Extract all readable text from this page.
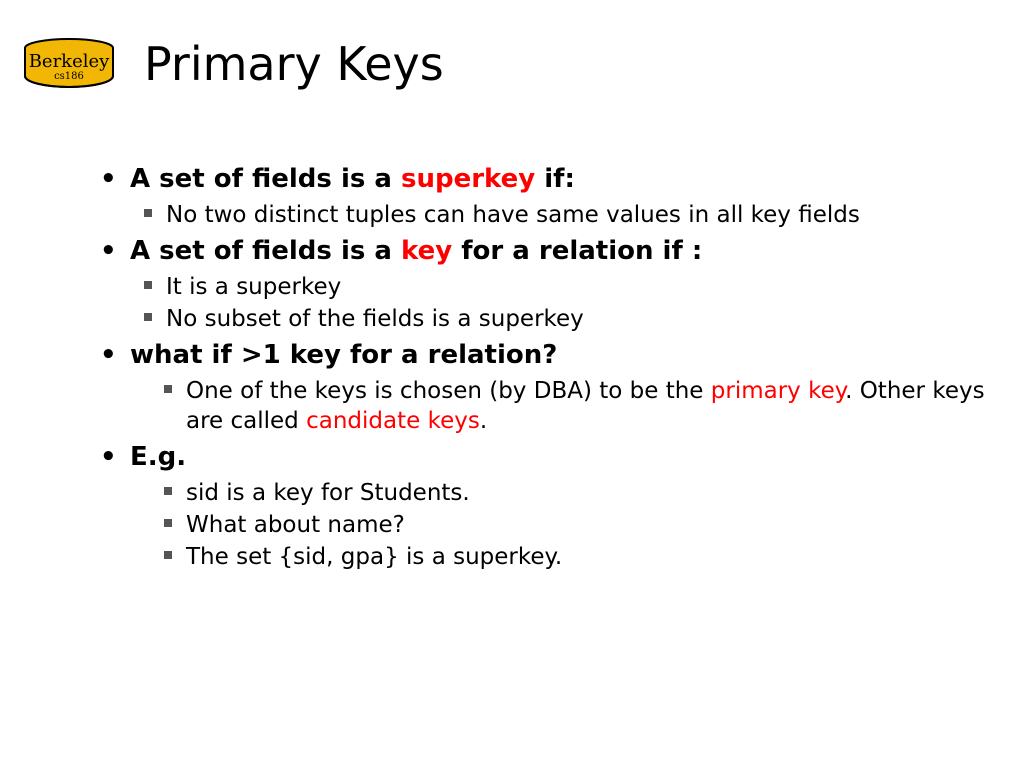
Berkeley
cs186 Primary Keys
• A set of fields is a superkey if:
No two distinct tuples can have same values in all key fields
• A set of fields is a key for a relation if :
It is a superkey
No subset of the fields is a superkey
• what if >1 key for a relation?
One of the keys is chosen (by DBA) to be the primary key. Other keys are called candidate keys.
• E.g.
sid is a key for Students.
What about name?
The set {sid, gpa} is a superkey.
